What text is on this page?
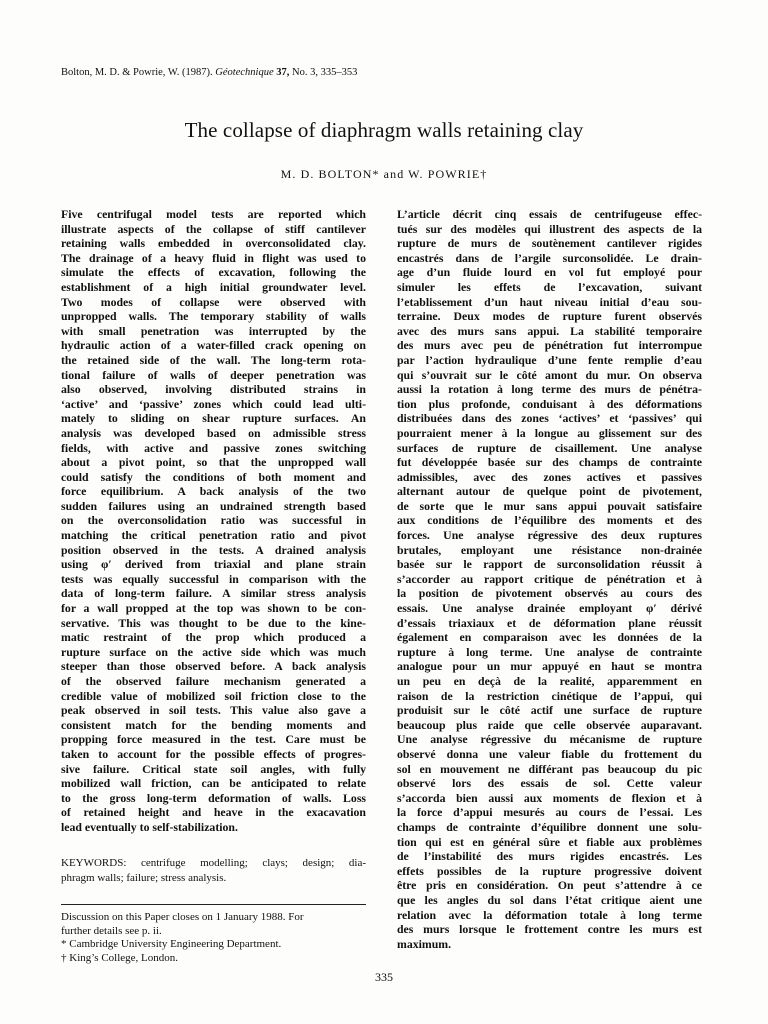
Bolton, M. D. & Powrie, W. (1987). Géotechnique 37, No. 3, 335–353
The collapse of diaphragm walls retaining clay
M. D. BOLTON* and W. POWRIE†
Five centrifugal model tests are reported which
illustrate aspects of the collapse of stiff cantilever
retaining walls embedded in overconsolidated clay.
The drainage of a heavy fluid in flight was used to
simulate the effects of excavation, following the
establishment of a high initial groundwater level.
Two modes of collapse were observed with
unpropped walls. The temporary stability of walls
with small penetration was interrupted by the
hydraulic action of a water-filled crack opening on
the retained side of the wall. The long-term rota-
tional failure of walls of deeper penetration was
also observed, involving distributed strains in
‘active’ and ‘passive’ zones which could lead ulti-
mately to sliding on shear rupture surfaces. An
analysis was developed based on admissible stress
fields, with active and passive zones switching
about a pivot point, so that the unpropped wall
could satisfy the conditions of both moment and
force equilibrium. A back analysis of the two
sudden failures using an undrained strength based
on the overconsolidation ratio was successful in
matching the critical penetration ratio and pivot
position observed in the tests. A drained analysis
using φ′ derived from triaxial and plane strain
tests was equally successful in comparison with the
data of long-term failure. A similar stress analysis
for a wall propped at the top was shown to be con-
servative. This was thought to be due to the kine-
matic restraint of the prop which produced a
rupture surface on the active side which was much
steeper than those observed before. A back analysis
of the observed failure mechanism generated a
credible value of mobilized soil friction close to the
peak observed in soil tests. This value also gave a
consistent match for the bending moments and
propping force measured in the test. Care must be
taken to account for the possible effects of progres-
sive failure. Critical state soil angles, with fully
mobilized wall friction, can be anticipated to relate
to the gross long-term deformation of walls. Loss
of retained height and heave in the exacavation
lead eventually to self-stabilization.
L’article décrit cinq essais de centrifugeuse effec-
tués sur des modèles qui illustrent des aspects de la
rupture de murs de soutènement cantilever rigides
encastrés dans de l’argile surconsolidée. Le drain-
age d’un fluide lourd en vol fut employé pour
simuler les effets de l’excavation, suivant
l’etablissement d’un haut niveau initial d’eau sou-
terraine. Deux modes de rupture furent observés
avec des murs sans appui. La stabilité temporaire
des murs avec peu de pénétration fut interrompue
par l’action hydraulique d’une fente remplie d’eau
qui s’ouvrait sur le côté amont du mur. On observa
aussi la rotation à long terme des murs de pénétra-
tion plus profonde, conduisant à des déformations
distribuées dans des zones ‘actives’ et ‘passives’ qui
pourraient mener à la longue au glissement sur des
surfaces de rupture de cisaillement. Une analyse
fut développée basée sur des champs de contrainte
admissibles, avec des zones actives et passives
alternant autour de quelque point de pivotement,
de sorte que le mur sans appui pouvait satisfaire
aux conditions de l’équilibre des moments et des
forces. Une analyse régressive des deux ruptures
brutales, employant une résistance non-drainée
basée sur le rapport de surconsolidation réussit à
s’accorder au rapport critique de pénétration et à
la position de pivotement observés au cours des
essais. Une analyse drainée employant φ′ dérivé
d’essais triaxiaux et de déformation plane réussit
également en comparaison avec les données de la
rupture à long terme. Une analyse de contrainte
analogue pour un mur appuyé en haut se montra
un peu en deçà de la realité, apparemment en
raison de la restriction cinétique de l’appui, qui
produisit sur le côté actif une surface de rupture
beaucoup plus raide que celle observée auparavant.
Une analyse régressive du mécanisme de rupture
observé donna une valeur fiable du frottement du
sol en mouvement ne différant pas beaucoup du pic
observé lors des essais de sol. Cette valeur
s’accorda bien aussi aux moments de flexion et à
la force d’appui mesurés au cours de l’essai. Les
champs de contrainte d’équilibre donnent une solu-
tion qui est en général sûre et fiable aux problèmes
de l’instabilité des murs rigides encastrés. Les
effets possibles de la rupture progressive doivent
être pris en considération. On peut s’attendre à ce
que les angles du sol dans l’état critique aient une
relation avec la déformation totale à long terme
des murs lorsque le frottement contre les murs est
maximum.
KEYWORDS: centrifuge modelling; clays; design; dia-
phragm walls; failure; stress analysis.
Discussion on this Paper closes on 1 January 1988. For
further details see p. ii.
* Cambridge University Engineering Department.
† King’s College, London.
335
